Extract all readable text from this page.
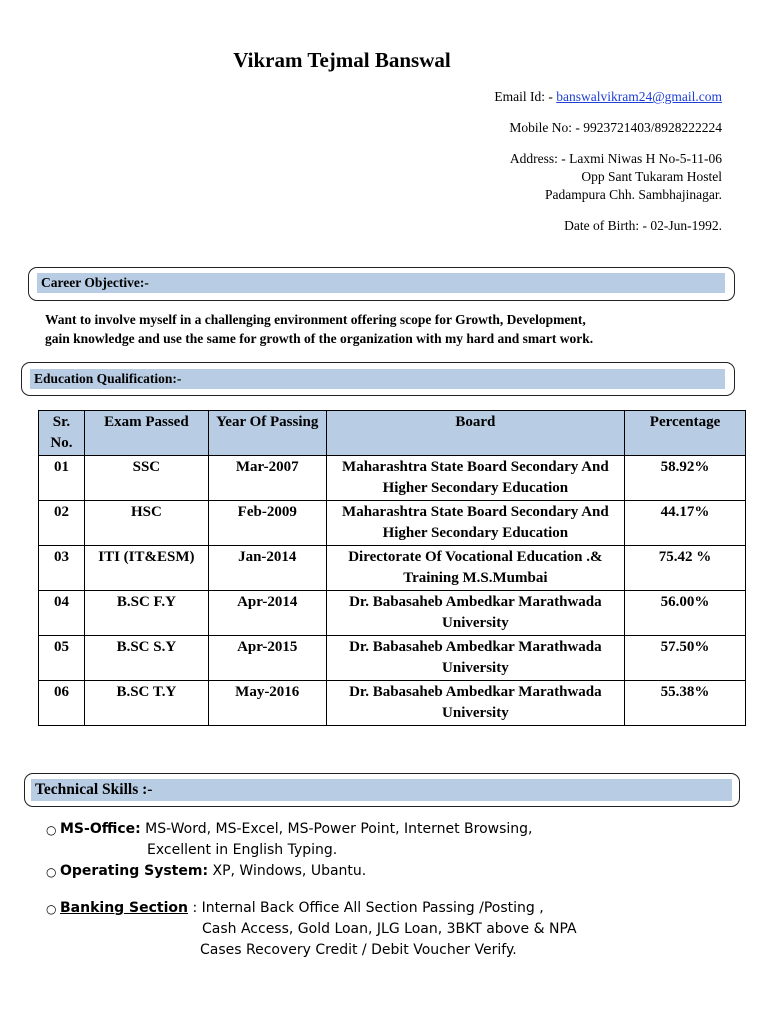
Vikram Tejmal Banswal
Email Id: - banswalvikram24@gmail.com
Mobile No: - 9923721403/8928222224
Address: - Laxmi Niwas H No-5-11-06
Opp Sant Tukaram Hostel
Padampura Chh. Sambhajinagar.
Date of Birth: - 02-Jun-1992.
Career Objective:-
Want to involve myself in a challenging environment offering scope for Growth, Development,
gain knowledge and use the same for growth of the organization with my hard and smart work.
Education Qualification:-
Sr. No.	Exam Passed	Year Of Passing	Board	Percentage
01	SSC	Mar-2007	Maharashtra State Board Secondary And Higher Secondary Education	58.92%
02	HSC	Feb-2009	Maharashtra State Board Secondary And Higher Secondary Education	44.17%
03	ITI (IT&ESM)	Jan-2014	Directorate Of Vocational Education .& Training M.S.Mumbai	75.42 %
04	B.SC F.Y	Apr-2014	Dr. Babasaheb Ambedkar Marathwada University	56.00%
05	B.SC S.Y	Apr-2015	Dr. Babasaheb Ambedkar Marathwada University	57.50%
06	B.SC T.Y	May-2016	Dr. Babasaheb Ambedkar Marathwada University	55.38%
Technical Skills :-
○ MS-Office: MS-Word, MS-Excel, MS-Power Point, Internet Browsing,
Excellent in English Typing.
○ Operating System: XP, Windows, Ubantu.
○ Banking Section : Internal Back Office All Section Passing /Posting ,
Cash Access, Gold Loan, JLG Loan, 3BKT above & NPA
Cases Recovery Credit / Debit Voucher Verify.
